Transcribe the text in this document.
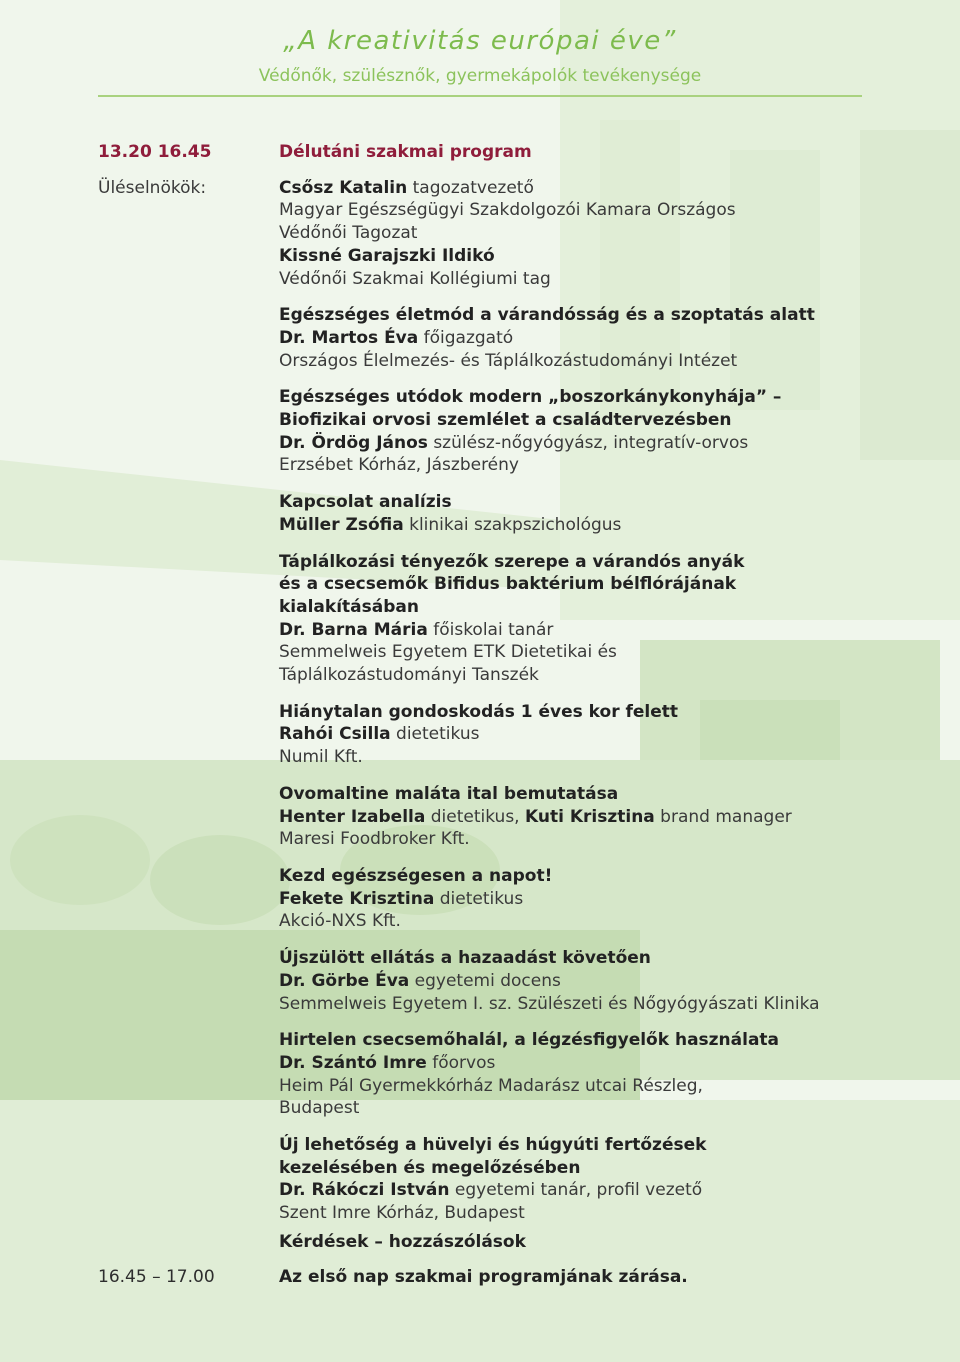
„A kreativitás európai éve”
Védőnők, szülésznők, gyermekápolók tevékenysége
13.20 16.45
Üléselnökök:
16.45 – 17.00
Délutáni szakmai program
Csősz Katalin tagozatvezető
Magyar Egészségügyi Szakdolgozói Kamara Országos
Védőnői Tagozat
Kissné Garajszki Ildikó
Védőnői Szakmai Kollégiumi tag
Egészséges életmód a várandósság és a szoptatás alatt
Dr. Martos Éva főigazgató
Országos Élelmezés- és Táplálkozástudományi Intézet
Egészséges utódok modern „boszorkánykonyhája” –
Biofizikai orvosi szemlélet a családtervezésben
Dr. Ördög János szülész-nőgyógyász, integratív-orvos
Erzsébet Kórház, Jászberény
Kapcsolat analízis
Müller Zsófia klinikai szakpszichológus
Táplálkozási tényezők szerepe a várandós anyák
és a csecsemők Bifidus baktérium bélflórájának
kialakításában
Dr. Barna Mária főiskolai tanár
Semmelweis Egyetem ETK Dietetikai és
Táplálkozástudományi Tanszék
Hiánytalan gondoskodás 1 éves kor felett
Rahói Csilla dietetikus
Numil Kft.
Ovomaltine maláta ital bemutatása
Henter Izabella dietetikus, Kuti Krisztina brand manager
Maresi Foodbroker Kft.
Kezd egészségesen a napot!
Fekete Krisztina dietetikus
Akció-NXS Kft.
Újszülött ellátás a hazaadást követően
Dr. Görbe Éva egyetemi docens
Semmelweis Egyetem I. sz. Szülészeti és Nőgyógyászati Klinika
Hirtelen csecsemőhalál, a légzésfigyelők használata
Dr. Szántó Imre főorvos
Heim Pál Gyermekkórház Madarász utcai Részleg,
Budapest
Új lehetőség a hüvelyi és húgyúti fertőzések
kezelésében és megelőzésében
Dr. Rákóczi István egyetemi tanár, profil vezető
Szent Imre Kórház, Budapest
Kérdések – hozzászólások
Az első nap szakmai programjának zárása.
